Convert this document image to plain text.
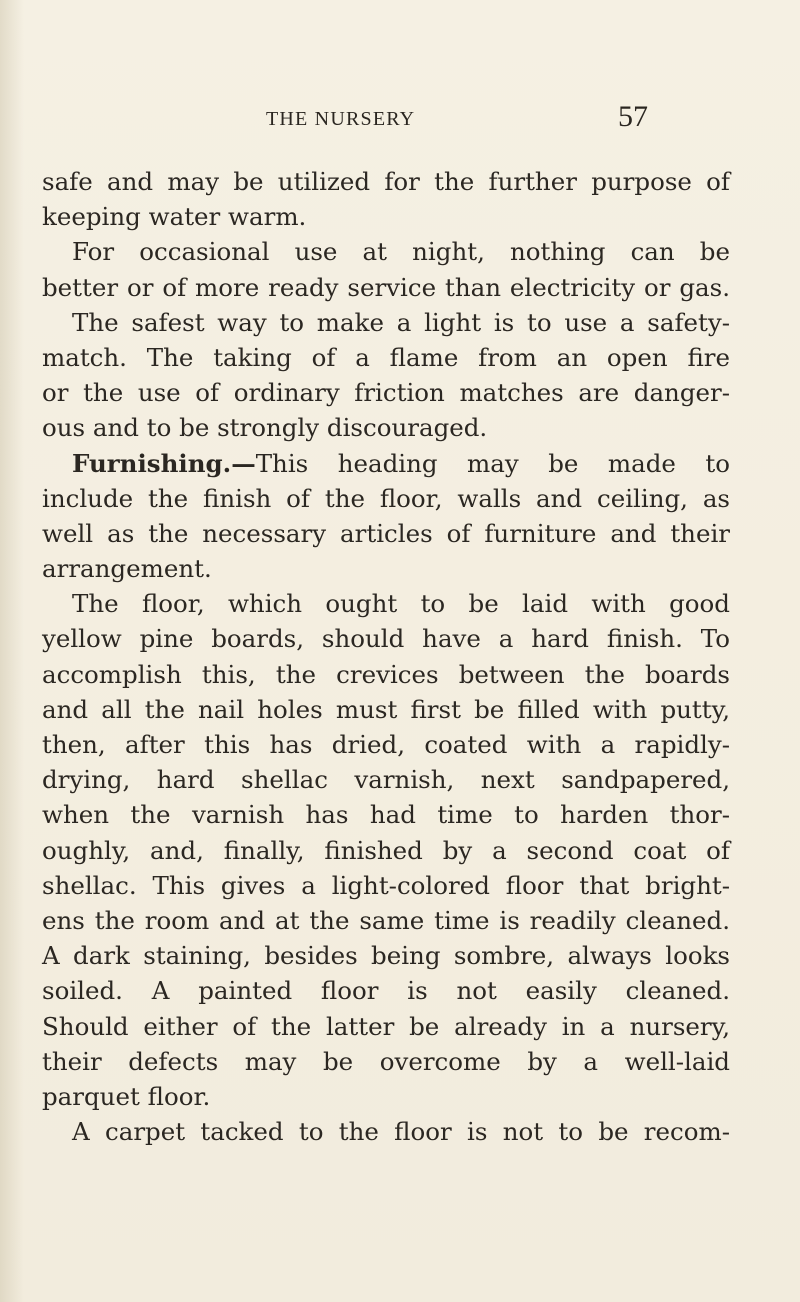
THE NURSERY	57
safe and may be utilized for the further purpose of
keeping water warm.
For occasional use at night, nothing can be
better or of more ready service than electricity or gas.
The safest way to make a light is to use a safety-
match. The taking of a flame from an open fire
or the use of ordinary friction matches are danger-
ous and to be strongly discouraged.
Furnishing.—This heading may be made to
include the finish of the floor, walls and ceiling, as
well as the necessary articles of furniture and their
arrangement.
The floor, which ought to be laid with good
yellow pine boards, should have a hard finish. To
accomplish this, the crevices between the boards
and all the nail holes must first be filled with putty,
then, after this has dried, coated with a rapidly-
drying, hard shellac varnish, next sandpapered,
when the varnish has had time to harden thor-
oughly, and, finally, finished by a second coat of
shellac. This gives a light-colored floor that bright-
ens the room and at the same time is readily cleaned.
A dark staining, besides being sombre, always looks
soiled. A painted floor is not easily cleaned.
Should either of the latter be already in a nursery,
their defects may be overcome by a well-laid
parquet floor.
A carpet tacked to the floor is not to be recom-
